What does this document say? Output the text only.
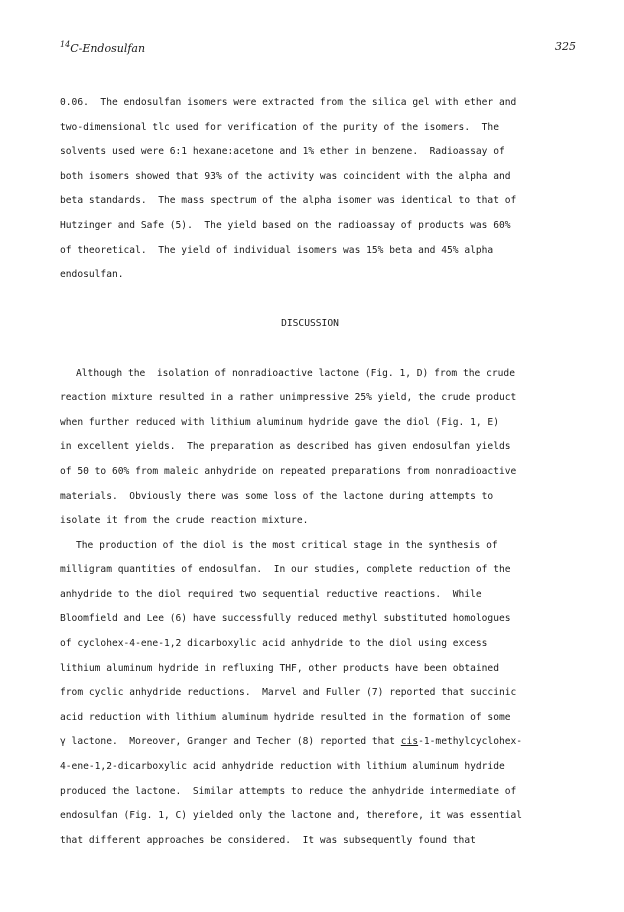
$^{14}$C-Endosulfan	325
0.06.  The endosulfan isomers were extracted from the silica gel with ether and
two-dimensional tlc used for verification of the purity of the isomers.  The
solvents used were 6:1 hexane:acetone and 1% ether in benzene.  Radioassay of
both isomers showed that 93% of the activity was coincident with the alpha and
beta standards.  The mass spectrum of the alpha isomer was identical to that of
Hutzinger and Safe (5).  The yield based on the radioassay of products was 60%
of theoretical.  The yield of individual isomers was 15% beta and 45% alpha
endosulfan.
DISCUSSION
Although the  isolation of nonradioactive lactone (Fig. 1, D) from the crude
reaction mixture resulted in a rather unimpressive 25% yield, the crude product
when further reduced with lithium aluminum hydride gave the diol (Fig. 1, E)
in excellent yields.  The preparation as described has given endosulfan yields
of 50 to 60% from maleic anhydride on repeated preparations from nonradioactive
materials.  Obviously there was some loss of the lactone during attempts to
isolate it from the crude reaction mixture.
The production of the diol is the most critical stage in the synthesis of
milligram quantities of endosulfan.  In our studies, complete reduction of the
anhydride to the diol required two sequential reductive reactions.  While
Bloomfield and Lee (6) have successfully reduced methyl substituted homologues
of cyclohex-4-ene-1,2 dicarboxylic acid anhydride to the diol using excess
lithium aluminum hydride in refluxing THF, other products have been obtained
from cyclic anhydride reductions.  Marvel and Fuller (7) reported that succinic
acid reduction with lithium aluminum hydride resulted in the formation of some
γ lactone.  Moreover, Granger and Techer (8) reported that cis-1-methylcyclohex-
4-ene-1,2-dicarboxylic acid anhydride reduction with lithium aluminum hydride
produced the lactone.  Similar attempts to reduce the anhydride intermediate of
endosulfan (Fig. 1, C) yielded only the lactone and, therefore, it was essential
that different approaches be considered.  It was subsequently found that
